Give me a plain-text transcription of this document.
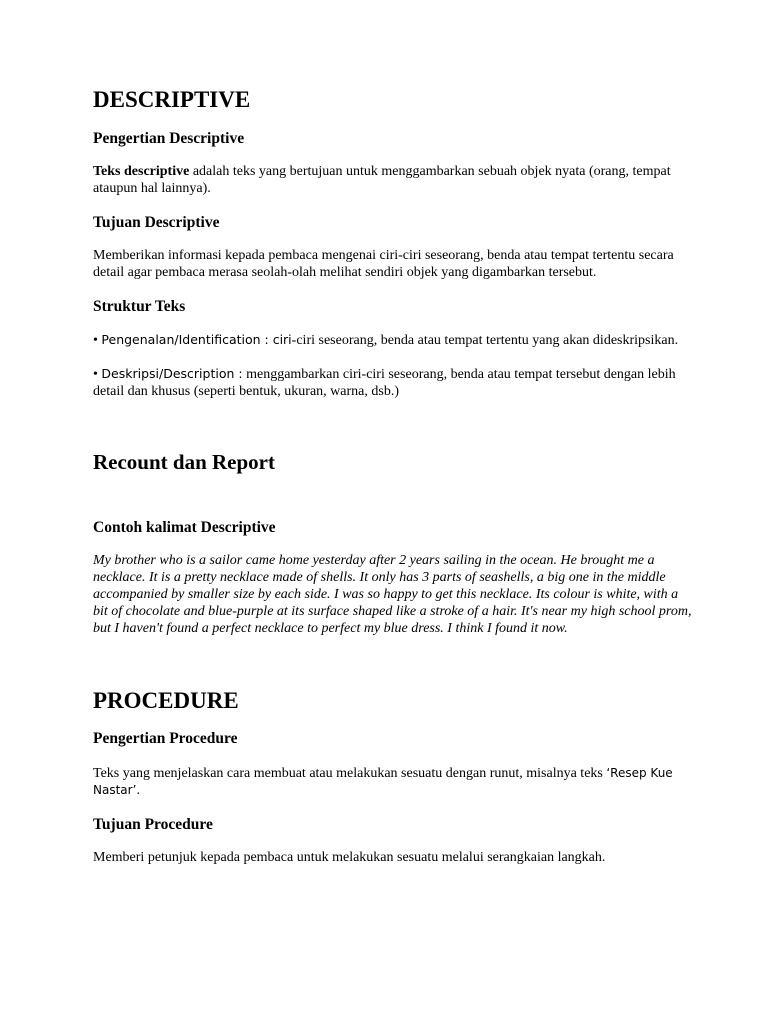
DESCRIPTIVE
Pengertian Descriptive

Teks descriptive adalah teks yang bertujuan untuk menggambarkan sebuah objek nyata (orang, tempat ataupun hal lainnya).

Tujuan Descriptive

Memberikan informasi kepada pembaca mengenai ciri-ciri seseorang, benda atau tempat tertentu secara detail agar pembaca merasa seolah-olah melihat sendiri objek yang digambarkan tersebut.

Struktur Teks

• Pengenalan/Identification : ciri-ciri seseorang, benda atau tempat tertentu yang akan dideskripsikan.

• Deskripsi/Description : menggambarkan ciri-ciri seseorang, benda atau tempat tersebut dengan lebih detail dan khusus (seperti bentuk, ukuran, warna, dsb.)

Recount dan Report
Contoh kalimat Descriptive

My brother who is a sailor came home yesterday after 2 years sailing in the ocean. He brought me a necklace. It is a pretty necklace made of shells. It only has 3 parts of seashells, a big one in the middle accompanied by smaller size by each side. I was so happy to get this necklace. Its colour is white, with a bit of chocolate and blue-purple at its surface shaped like a stroke of a hair. It's near my high school prom, but I haven't found a perfect necklace to perfect my blue dress. I think I found it now.

PROCEDURE
Pengertian Procedure

Teks yang menjelaskan cara membuat atau melakukan sesuatu dengan runut, misalnya teks ‘Resep Kue Nastar’.

Tujuan Procedure

Memberi petunjuk kepada pembaca untuk melakukan sesuatu melalui serangkaian langkah.
